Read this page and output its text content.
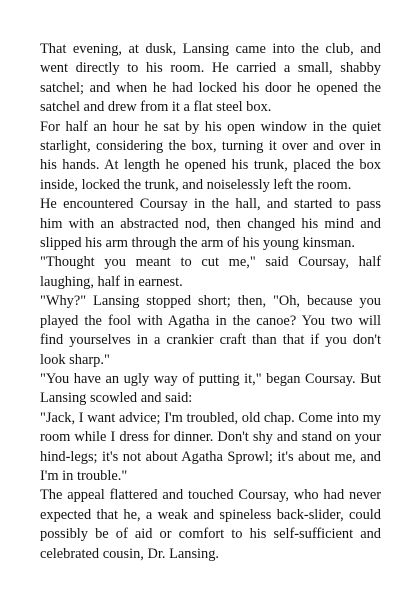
That evening, at dusk, Lansing came into the club, and went directly to his room. He carried a small, shabby satchel; and when he had locked his door he opened the satchel and drew from it a flat steel box.

For half an hour he sat by his open window in the quiet starlight, considering the box, turning it over and over in his hands. At length he opened his trunk, placed the box inside, locked the trunk, and noiselessly left the room.

He encountered Coursay in the hall, and started to pass him with an abstracted nod, then changed his mind and slipped his arm through the arm of his young kinsman.

"Thought you meant to cut me," said Coursay, half laughing, half in earnest.

"Why?" Lansing stopped short; then, "Oh, because you played the fool with Agatha in the canoe? You two will find yourselves in a crankier craft than that if you don't look sharp."

"You have an ugly way of putting it," began Coursay. But Lansing scowled and said:

"Jack, I want advice; I'm troubled, old chap. Come into my room while I dress for dinner. Don't shy and stand on your hind-legs; it's not about Agatha Sprowl; it's about me, and I'm in trouble."

The appeal flattered and touched Coursay, who had never expected that he, a weak and spineless back-slider, could possibly be of aid or comfort to his self-sufficient and celebrated cousin, Dr. Lansing.
